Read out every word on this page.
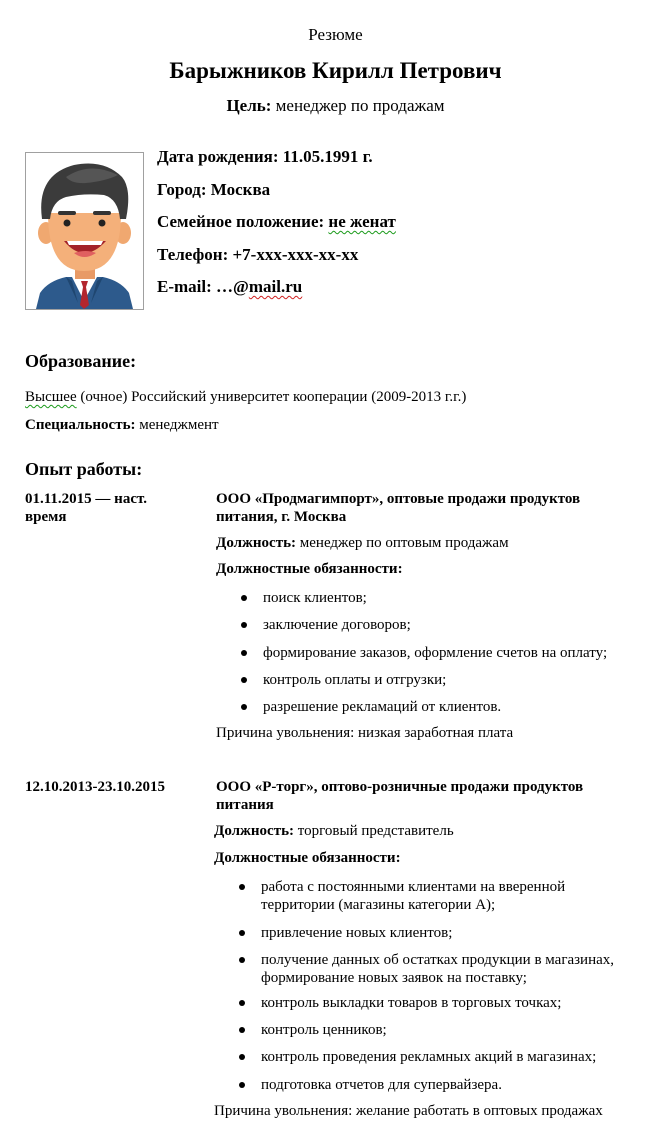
Резюме
Барыжников Кирилл Петрович
Цель: менеджер по продажам
Дата рождения: 11.05.1991 г.
Город: Москва
Семейное положение: не женат
Телефон: +7-xxx-xxx-xx-xx
E-mail: …@mail.ru
Образование:
Высшее (очное) Российский университет кооперации (2009-2013 г.г.)
Специальность: менеджмент
Опыт работы:
01.11.2015 — наст.
время
ООО «Продмагимпорт», оптовые продажи продуктов
питания, г. Москва
Должность: менеджер по оптовым продажам
Должностные обязанности:
поиск клиентов;
заключение договоров;
формирование заказов, оформление счетов на оплату;
контроль оплаты и отгрузки;
разрешение рекламаций от клиентов.
Причина увольнения: низкая заработная плата
12.10.2013-23.10.2015	ООО «Р-торг», оптово-розничные продажи продуктов
питания
Должность: торговый представитель
Должностные обязанности:
работа с постоянными клиентами на вверенной территории (магазины категории А);
привлечение новых клиентов;
получение данных об остатках продукции в магазинах, формирование новых заявок на поставку;
контроль выкладки товаров в торговых точках;
контроль ценников;
контроль проведения рекламных акций в магазинах;
подготовка отчетов для супервайзера.
Причина увольнения: желание работать в оптовых продажах
